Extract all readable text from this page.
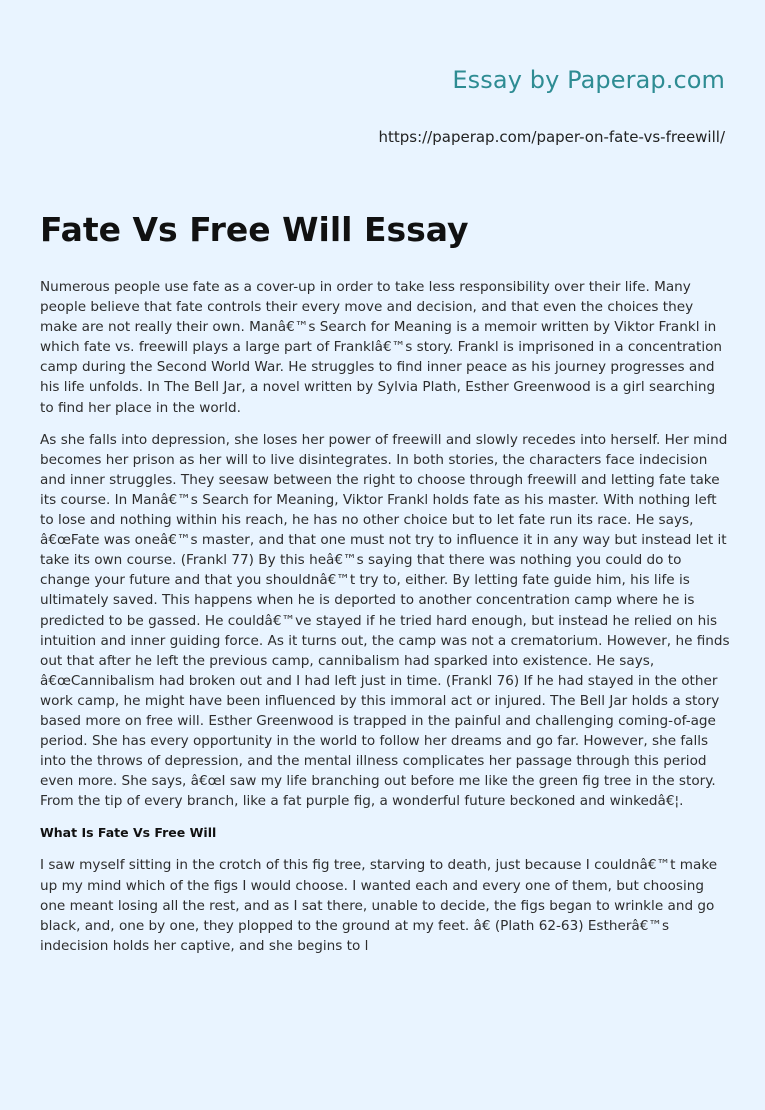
Essay by Paperap.com
https://paperap.com/paper-on-fate-vs-freewill/
Fate Vs Free Will Essay

Numerous people use fate as a cover-up in order to take less responsibility over their life. Many people believe that fate controls their every move and decision, and that even the choices they make are not really their own. Manâ€™s Search for Meaning is a memoir written by Viktor Frankl in which fate vs. freewill plays a large part of Franklâ€™s story. Frankl is imprisoned in a concentration camp during the Second World War. He struggles to find inner peace as his journey progresses and his life unfolds. In The Bell Jar, a novel written by Sylvia Plath, Esther Greenwood is a girl searching to find her place in the world.

As she falls into depression, she loses her power of freewill and slowly recedes into herself. Her mind becomes her prison as her will to live disintegrates. In both stories, the characters face indecision and inner struggles. They seesaw between the right to choose through freewill and letting fate take its course. In Manâ€™s Search for Meaning, Viktor Frankl holds fate as his master. With nothing left to lose and nothing within his reach, he has no other choice but to let fate run its race. He says, â€œFate was oneâ€™s master, and that one must not try to influence it in any way but instead let it take its own course. (Frankl 77) By this heâ€™s saying that there was nothing you could do to change your future and that you shouldnâ€™t try to, either. By letting fate guide him, his life is ultimately saved. This happens when he is deported to another concentration camp where he is predicted to be gassed. He couldâ€™ve stayed if he tried hard enough, but instead he relied on his intuition and inner guiding force. As it turns out, the camp was not a crematorium. However, he finds out that after he left the previous camp, cannibalism had sparked into existence. He says, â€œCannibalism had broken out and I had left just in time. (Frankl 76) If he had stayed in the other work camp, he might have been influenced by this immoral act or injured. The Bell Jar holds a story based more on free will. Esther Greenwood is trapped in the painful and challenging coming-of-age period. She has every opportunity in the world to follow her dreams and go far. However, she falls into the throws of depression, and the mental illness complicates her passage through this period even more. She says, â€œI saw my life branching out before me like the green fig tree in the story. From the tip of every branch, like a fat purple fig, a wonderful future beckoned and winkedâ€¦.

What Is Fate Vs Free Will

I saw myself sitting in the crotch of this fig tree, starving to death, just because I couldnâ€™t make up my mind which of the figs I would choose. I wanted each and every one of them, but choosing one meant losing all the rest, and as I sat there, unable to decide, the figs began to wrinkle and go black, and, one by one, they plopped to the ground at my feet. â€ (Plath 62-63) Estherâ€™s indecision holds her captive, and she begins to l
